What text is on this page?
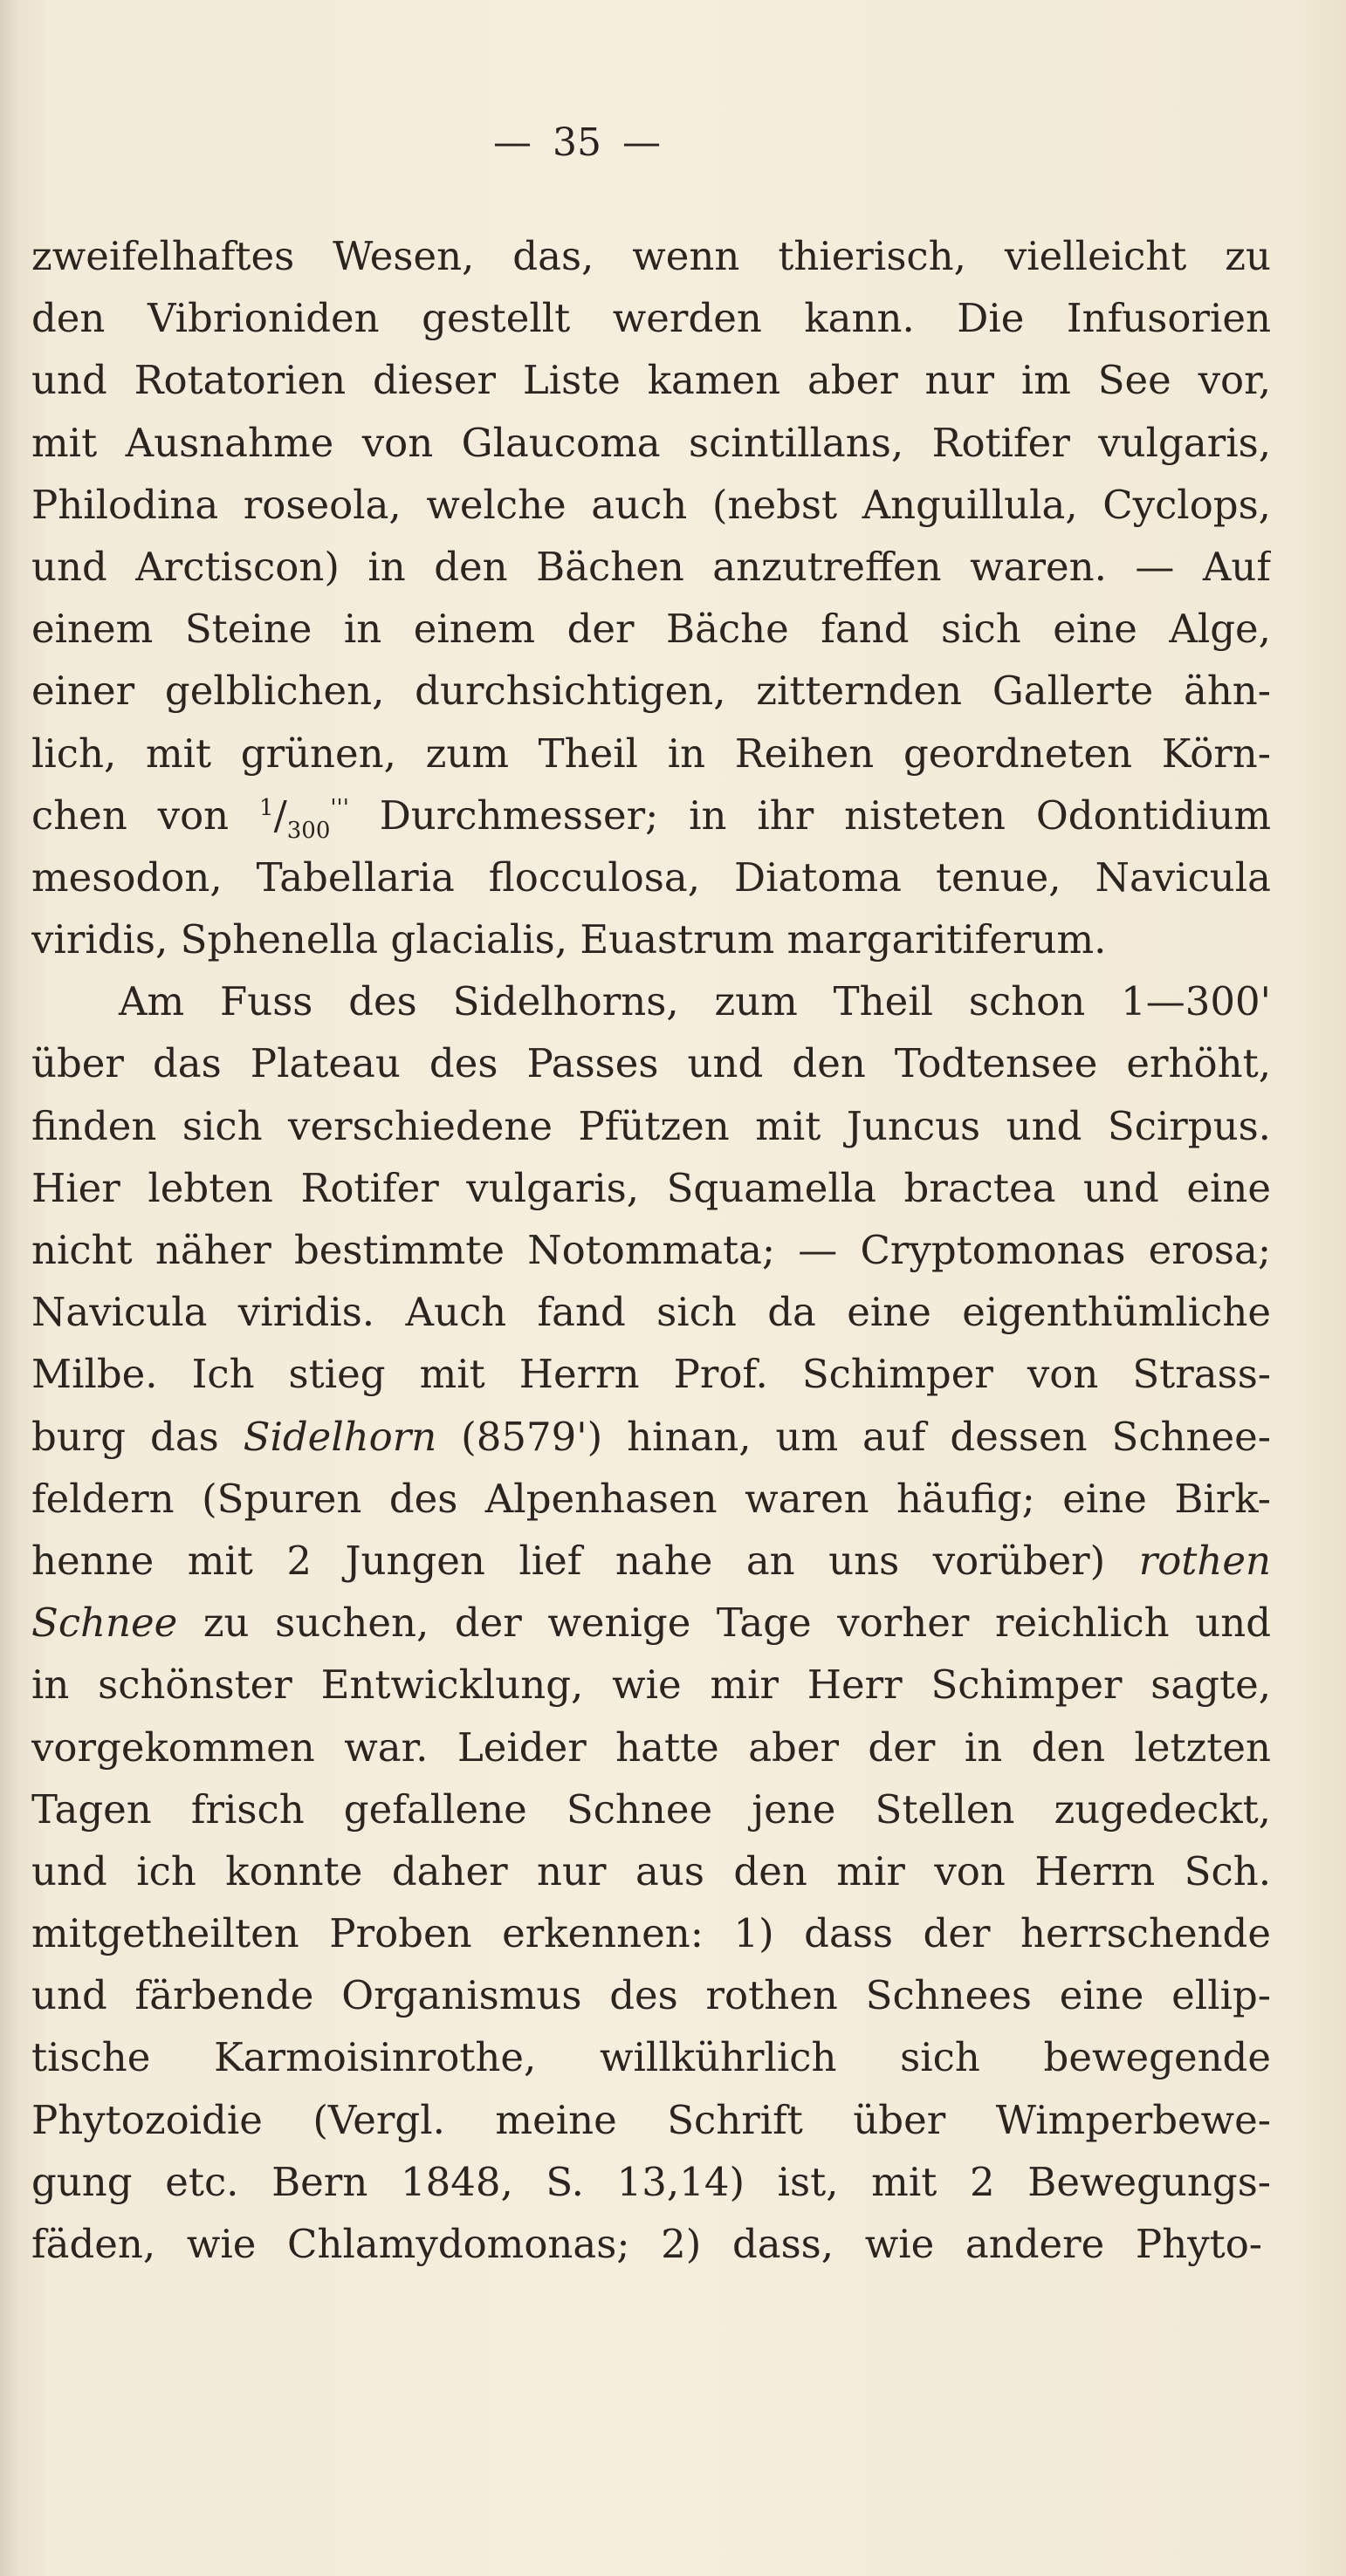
— 35 —
zweifelhaftes Wesen, das, wenn thierisch, vielleicht zu
den Vibrioniden gestellt werden kann. Die Infusorien
und Rotatorien dieser Liste kamen aber nur im See vor,
mit Ausnahme von Glaucoma scintillans, Rotifer vulgaris,
Philodina roseola, welche auch (nebst Anguillula, Cyclops,
und Arctiscon) in den Bächen anzutreffen waren. — Auf
einem Steine in einem der Bäche fand sich eine Alge,
einer gelblichen, durchsichtigen, zitternden Gallerte ähn-
lich, mit grünen, zum Theil in Reihen geordneten Körn-
chen von $^1/_{300}'''$ Durchmesser; in ihr nisteten Odontidium
mesodon, Tabellaria flocculosa, Diatoma tenue, Navicula
viridis, Sphenella glacialis, Euastrum margaritiferum.
Am Fuss des Sidelhorns, zum Theil schon 1—300'
über das Plateau des Passes und den Todtensee erhöht,
finden sich verschiedene Pfützen mit Juncus und Scirpus.
Hier lebten Rotifer vulgaris, Squamella bractea und eine
nicht näher bestimmte Notommata; — Cryptomonas erosa;
Navicula viridis. Auch fand sich da eine eigenthümliche
Milbe. Ich stieg mit Herrn Prof. Schimper von Strass-
burg das Sidelhorn (8579') hinan, um auf dessen Schnee-
feldern (Spuren des Alpenhasen waren häufig; eine Birk-
henne mit 2 Jungen lief nahe an uns vorüber) rothen
Schnee zu suchen, der wenige Tage vorher reichlich und
in schönster Entwicklung, wie mir Herr Schimper sagte,
vorgekommen war. Leider hatte aber der in den letzten
Tagen frisch gefallene Schnee jene Stellen zugedeckt,
und ich konnte daher nur aus den mir von Herrn Sch.
mitgetheilten Proben erkennen: 1) dass der herrschende
und färbende Organismus des rothen Schnees eine ellip-
tische Karmoisinrothe, willkührlich sich bewegende
Phytozoidie (Vergl. meine Schrift über Wimperbewe-
gung etc. Bern 1848, S. 13,14) ist, mit 2 Bewegungs-
fäden, wie Chlamydomonas; 2) dass, wie andere Phyto-
